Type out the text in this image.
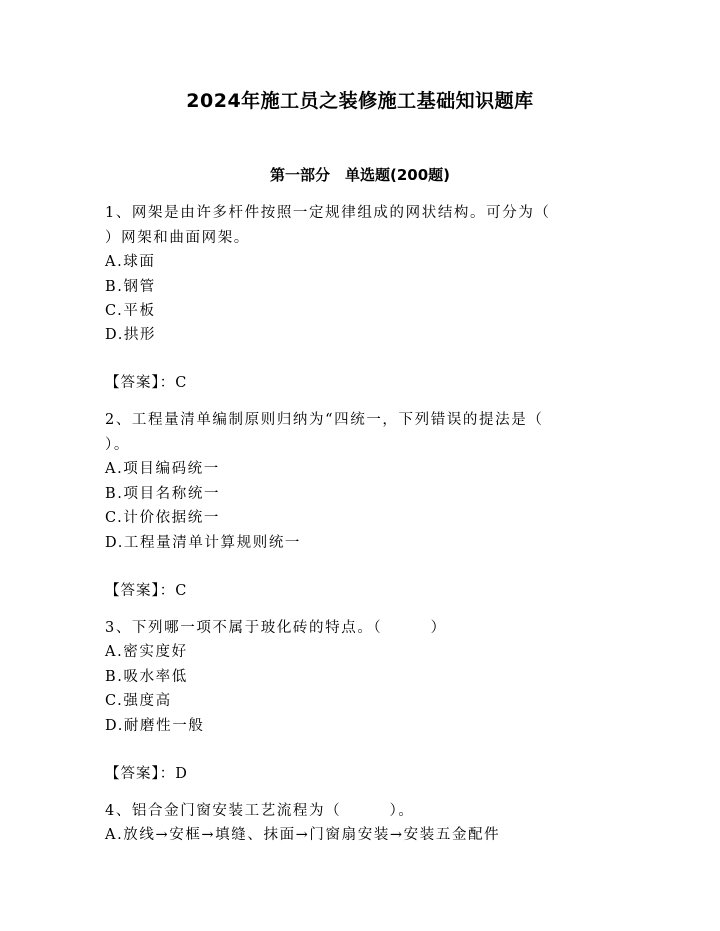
2024年施工员之装修施工基础知识题库
第一部分　单选题(200题)
1、网架是由许多杆件按照一定规律组成的网状结构。可分为（
）网架和曲面网架。
A.球面
B.钢管
C.平板
D.拱形
【答案】：C
2、工程量清单编制原则归纳为“四统一，下列错误的提法是（
）。
A.项目编码统一
B.项目名称统一
C.计价依据统一
D.工程量清单计算规则统一
【答案】：C
3、下列哪一项不属于玻化砖的特点。（　　　）
A.密实度好
B.吸水率低
C.强度高
D.耐磨性一般
【答案】：D
4、铝合金门窗安装工艺流程为（　　　）。
A.放线→安框→填缝、抹面→门窗扇安装→安装五金配件
